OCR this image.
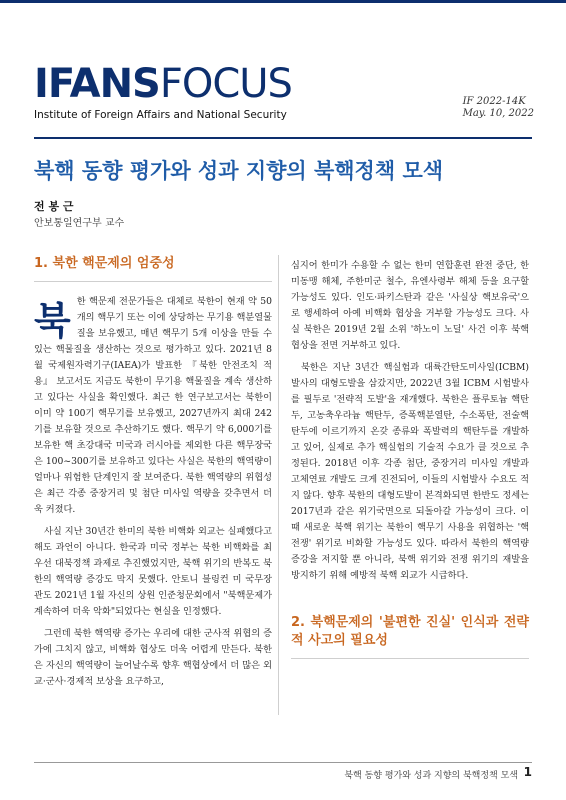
IFANSFOCUS
Institute of Foreign Affairs and National Security
IF 2022-14K
May. 10, 2022
북핵 동향 평가와 성과 지향의 북핵정책 모색
전 봉 근
안보통일연구부 교수
1. 북한 핵문제의 엄중성

북한 핵문제 전문가들은 대체로 북한이 현재 약 50개의 핵무기 또는 이에 상당하는 무기용 핵분열물질을 보유했고, 매년 핵무기 5개 이상을 만들 수 있는 핵물질을 생산하는 것으로 평가하고 있다. 2021년 8월 국제원자력기구(IAEA)가 발표한 『북한 안전조치 적용』 보고서도 지금도 북한이 무기용 핵물질을 계속 생산하고 있다는 사실을 확인했다. 최근 한 연구보고서는 북한이 이미 약 100기 핵무기를 보유했고, 2027년까지 최대 242기를 보유할 것으로 추산하기도 했다. 핵무기 약 6,000기를 보유한 핵 초강대국 미국과 러시아를 제외한 다른 핵무장국은 100~300기를 보유하고 있다는 사실은 북한의 핵역량이 얼마나 위험한 단계인지 잘 보여준다. 북한 핵역량의 위협성은 최근 각종 중장거리 및 첨단 미사일 역량을 갖추면서 더욱 커졌다.

사실 지난 30년간 한미의 북한 비핵화 외교는 실패했다고 해도 과언이 아니다. 한국과 미국 정부는 북한 비핵화를 최우선 대북정책 과제로 추진했었지만, 북핵 위기의 반복도 북한의 핵역량 증강도 막지 못했다. 안토니 블링컨 미 국무장관도 2021년 1월 자신의 상원 인준청문회에서 "북핵문제가 계속하여 더욱 악화"되었다는 현실을 인정했다.

그런데 북한 핵역량 증가는 우리에 대한 군사적 위협의 증가에 그치지 않고, 비핵화 협상도 더욱 어렵게 만든다. 북한은 자신의 핵역량이 늘어날수록 향후 핵협상에서 더 많은 외교·군사·경제적 보상을 요구하고,

심지어 한미가 수용할 수 없는 한미 연합훈련 완전 중단, 한미동맹 해체, 주한미군 철수, 유엔사령부 해체 등을 요구할 가능성도 있다. 인도·파키스탄과 같은 '사실상 핵보유국'으로 행세하여 아예 비핵화 협상을 거부할 가능성도 크다. 사실 북한은 2019년 2월 소위 '하노이 노딜' 사건 이후 북핵 협상을 전면 거부하고 있다.

북한은 지난 3년간 핵실험과 대륙간탄도미사일(ICBM) 발사의 대형도발을 삼갔지만, 2022년 3월 ICBM 시험발사를 필두로 '전략적 도발'을 재개했다. 북한은 플루토늄 핵탄두, 고농축우라늄 핵탄두, 증폭핵분열탄, 수소폭탄, 전술핵탄두에 이르기까지 온갖 종류와 폭발력의 핵탄두를 개발하고 있어, 실제로 추가 핵실험의 기술적 수요가 클 것으로 추정된다. 2018년 이후 각종 첨단, 중장거리 미사일 개발과 고체연료 개발도 크게 진전되어, 이들의 시험발사 수요도 적지 않다. 향후 북한의 대형도발이 본격화되면 한반도 정세는 2017년과 같은 위기국면으로 되돌아갈 가능성이 크다. 이때 새로운 북핵 위기는 북한이 핵무기 사용을 위협하는 '핵전쟁' 위기로 비화할 가능성도 있다. 따라서 북한의 핵역량 증강을 저지할 뿐 아니라, 북핵 위기와 전쟁 위기의 재발을 방지하기 위해 예방적 북핵 외교가 시급하다.

2. 북핵문제의 '불편한 진실' 인식과 전략적 사고의 필요성
북핵 동향 평가와 성과 지향의 북핵정책 모색 1
